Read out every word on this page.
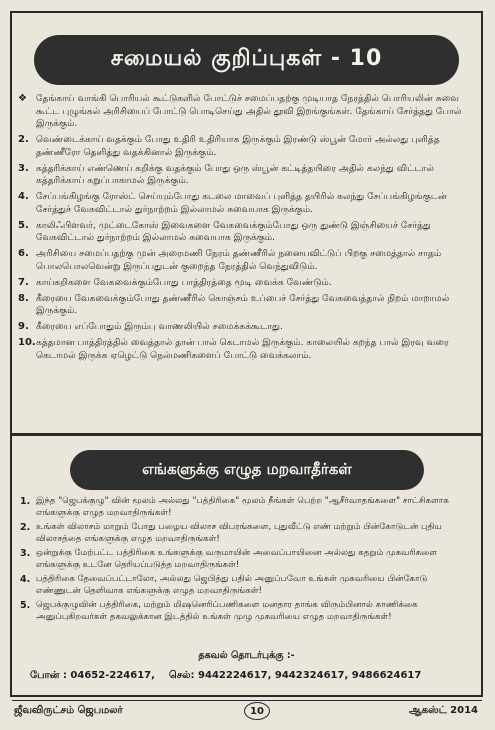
சமையல் குறிப்புகள் - 10
❖ தேங்காய் வாங்கி பொரியல் கூட்டுகளில் போட்டுச் சமைப்பதற்கு முடியாத நேரத்தில் பொரியலின் சுவை கூட்ட புழுங்கல் அரிசியைப் போட்டு பொடிசெய்து அதில் தூவி இறங்குங்கள். தேங்காய் சேர்த்தது போல் இருக்கும்.
2. வெண்டைக்காய் வதக்கும் போது உதிரி உதிரியாக இருக்கும் இரண்டு ஸ்பூன் மோர் அல்லது புளித்த தண்ணீரோ தெளித்து வதக்கினால் இருக்கும்.
3. கத்தரிக்காய் எண்ணெய் கறிக்கு வதக்கும் போது ஒரு ஸ்பூன் கட்டித்தயிரை அதில் கலந்து விட்டால் கத்தரிக்காய் கறுப்பாகாமல் இருக்கும்.
4. சேப்பங்கிழங்கு ரோஸ்ட் செய்யும்போது கடலை மாவைப் புளித்த தயிரில் கலந்து சேப்பங்கிழங்குடன் சேர்த்துச் வேகவிட்டால் துர்நாற்றம் இல்லாமல் சுவையாக இருக்கும்.
5. காலிஃபிளவர், முட்டைகோஸ் இவைகளை வேகவைக்கும்போது ஒரு துண்டு இஞ்சியைச் சேர்த்து வேகவிட்டால் துர்நாற்றம் இல்லாமல் சுவையாக இருக்கும்.
6. அரிசியை சமைப்பதற்கு முன் அரைமணி நேரம் தண்ணீரில் நனையவிட்டுப் பிறகு சமைத்தால் சாதம் பொலபொலவென்று இருப்பதுடன் குறைந்த நேரத்தில் வெந்துவிடும்.
7. காய்கறிகளை வேகவைக்கும்போது பாத்திரத்தை மூடி வைக்க வேண்டும்.
8. கீரையை வேகவைக்கும்போது தண்ணீரில் கொஞ்சம் உப்பைச் சேர்த்து வேகவைத்தால் நிறம் மாறாமல் இருக்கும்.
9. கீரையை எப்போதும் இரும்பு வாணலியில் சமைக்கக்கூடாது.
10. கத்தமான பாத்திரத்தில் வைத்தால் தான் பால் கெடாமல் இருக்கும். காலையில் கறந்த பால் இரவு வரை கெடாமல் இருக்க ஏழெட்டு நெல்மணிகளைப் போட்டு வைக்கலாம்.
எங்களுக்கு எழுத மறவாதீர்கள்
1. இந்த "ஜெபக்குழு" வின் மூலம் அல்லது "பத்திரிகை" மூலம் நீங்கள் பெற்ற "ஆசீர்வாதங்களை" சாட்சிகளாக எங்களுக்கு எழுத மறவாதிருங்கள்!
2. உங்கள் விலாசம் மாறும் போது பழைய விலாச விபரங்களை, புதுவீட்டு எண் மற்றும் பின்கோடுடன் புதிய விலாசத்தை எங்களுக்கு எழுத மறவாதிருங்கள்!
3. ஒன்றுக்கு மேற்பட்ட பத்திரிகை உங்களுக்கு வருமாயின் அவைப்பாயினை அல்லது கதறும் முகவரிகளை எங்களுக்கு உடனே தெரியப்படுத்த மறவாதிருங்கள்!
4. பத்திரிகை தேவைப்பட்டாலோ, அல்லது ஜெபித்து பதில் அனுப்பவோ உங்கள் முகவரியை பின்கோடு எண்ணுடன் தெளிவாக எங்களுக்கு எழுத மறவாதிருங்கள்!
5. ஜெபக்குழுவின் பத்திரிகை, மற்றும் மிஷனெரிப்பணிகளை மனதார தாங்க விரும்பினால் காணிக்கை அனுப்புகிறவர்கள் தகவலுக்கான இடத்தில் உங்கள் முழு முகவரியை எழுத மறவாதிருங்கள்!
தகவல் தொடர்புக்கு :-
போன் : 04652-224617, செல்: 9442224617, 9442324617, 9486624617
ஜீவவிருட்சம் ஜெபமலர்	10	ஆகஸ்ட் 2014
